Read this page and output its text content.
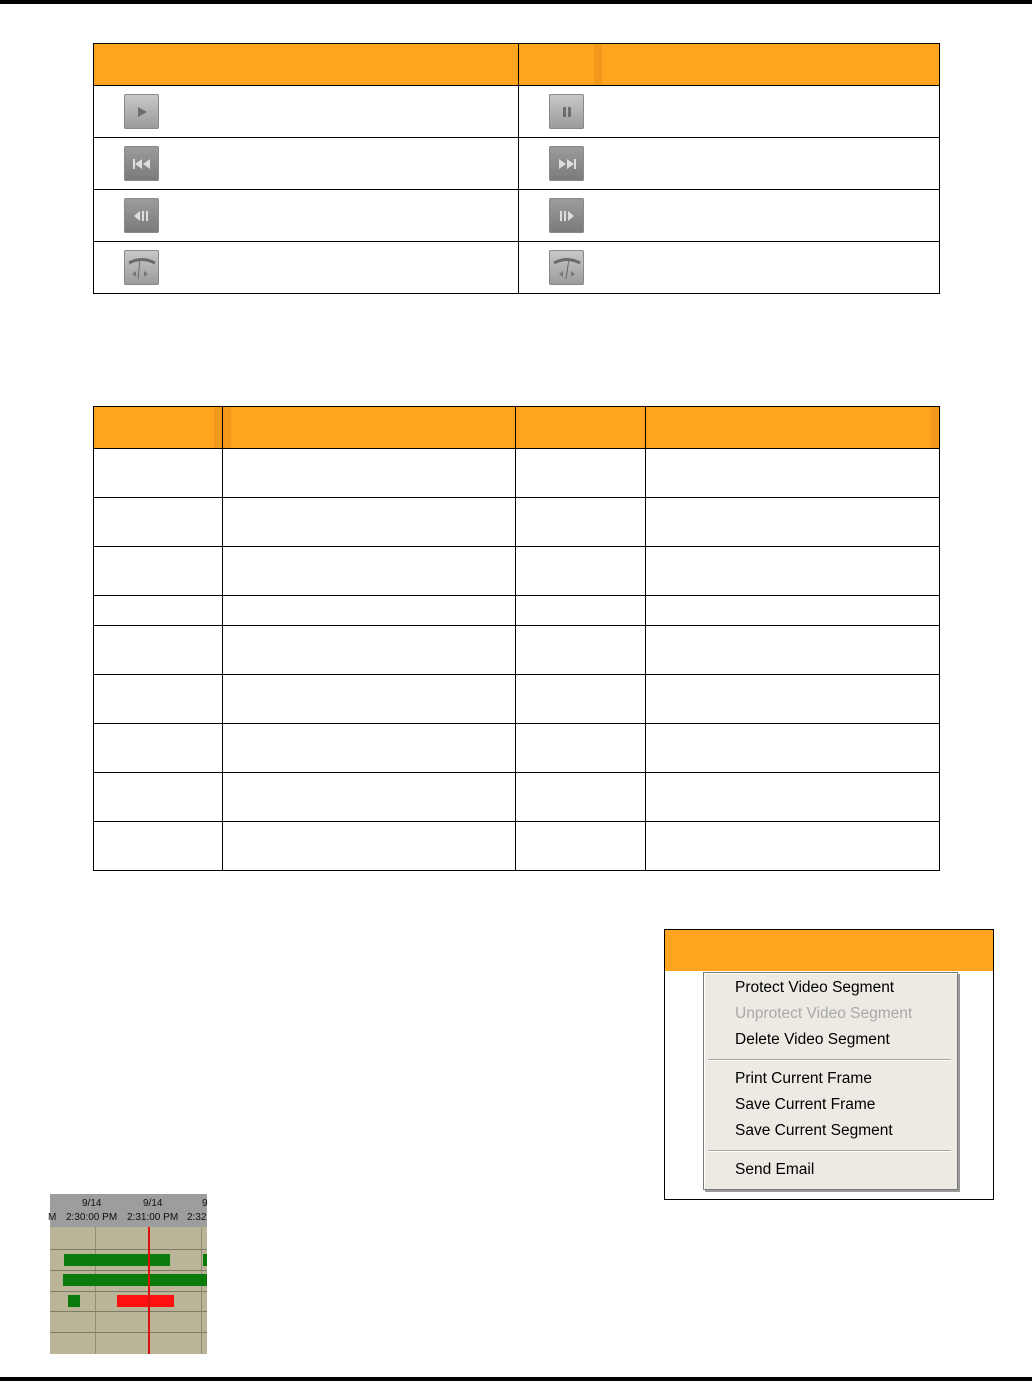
Protect Video Segment
Unprotect Video Segment
Delete Video Segment
Print Current Frame
Save Current Frame
Save Current Segment
Send Email
9/14	9/14	9
M 2:30:00 PM 2:31:00 PM 2:32
